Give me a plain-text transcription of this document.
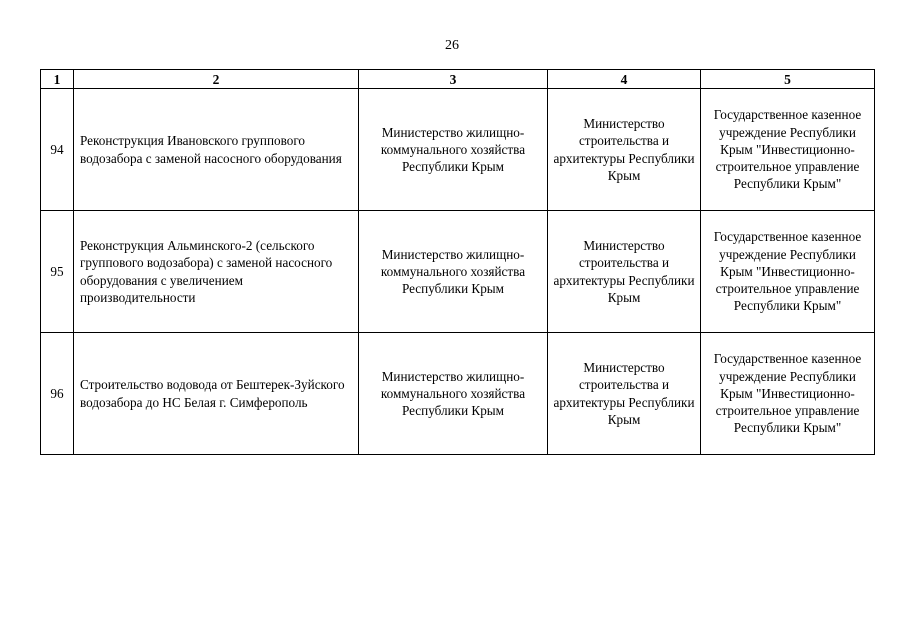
26
1	2	3	4	5
94	Реконструкция Ивановского группового водозабора с заменой насосного оборудования	Министерство жилищно-коммунального хозяйства Республики Крым	Министерство строительства и архитектуры Республики Крым	Государственное казенное учреждение Республики Крым "Инвестиционно-строительное управление Республики Крым"
95	Реконструкция Альминского-2 (сельского группового водозабора) с заменой насосного оборудования с увеличением производительности	Министерство жилищно-коммунального хозяйства Республики Крым	Министерство строительства и архитектуры Республики Крым	Государственное казенное учреждение Республики Крым "Инвестиционно-строительное управление Республики Крым"
96	Строительство водовода от Бештерек-Зуйского водозабора до НС Белая г. Симферополь	Министерство жилищно-коммунального хозяйства Республики Крым	Министерство строительства и архитектуры Республики Крым	Государственное казенное учреждение Республики Крым "Инвестиционно-строительное управление Республики Крым"
